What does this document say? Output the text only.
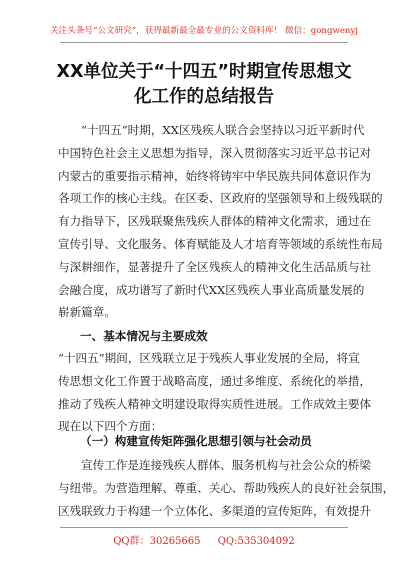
关注头条号“公文研究”，获得最新最全最专业的公文资料库！ 微信：gongwenyj
XX单位关于“十四五”时期宣传思想文
化工作的总结报告
“十四五”时期，XX区残疾人联合会坚持以习近平新时代
中国特色社会主义思想为指导，深入贯彻落实习近平总书记对
内蒙古的重要指示精神，始终将铸牢中华民族共同体意识作为
各项工作的核心主线。在区委、区政府的坚强领导和上级残联的
有力指导下，区残联聚焦残疾人群体的精神文化需求，通过在
宣传引导、文化服务、体育赋能及人才培育等领域的系统性布局
与深耕细作，显著提升了全区残疾人的精神文化生活品质与社
会融合度，成功谱写了新时代XX区残疾人事业高质量发展的
崭新篇章。
一、基本情况与主要成效
“十四五”期间，区残联立足于残疾人事业发展的全局，将宣
传思想文化工作置于战略高度，通过多维度、系统化的举措，
推动了残疾人精神文明建设取得实质性进展。工作成效主要体
现在以下四个方面：
（一）构建宣传矩阵强化思想引领与社会动员
宣传工作是连接残疾人群体、服务机构与社会公众的桥梁
与纽带。为营造理解、尊重、关心、帮助残疾人的良好社会氛围，
区残联致力于构建一个立体化、多渠道的宣传矩阵，有效提升
QQ群：30265665 QQ:535304092
